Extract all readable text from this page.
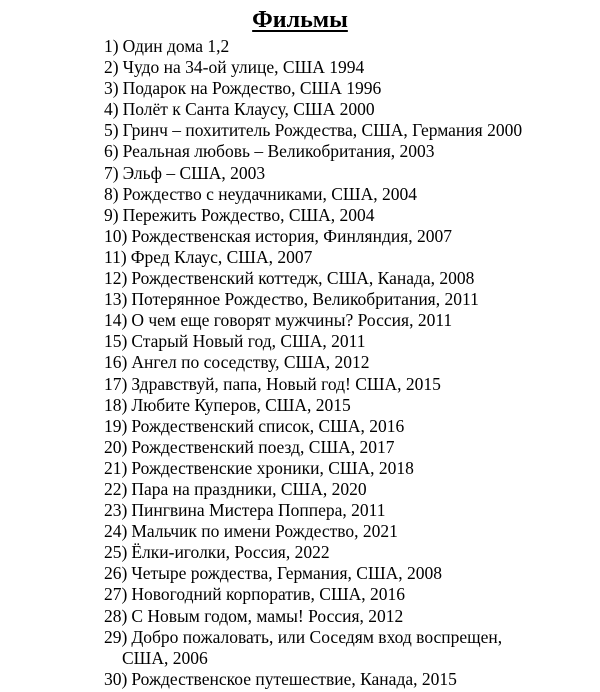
Фильмы
1) Один дома 1,2
2) Чудо на 34-ой улице, США 1994
3) Подарок на Рождество, США 1996
4) Полёт к Санта Клаусу, США 2000
5) Гринч – похититель Рождества, США, Германия 2000
6) Реальная любовь – Великобритания, 2003
7) Эльф – США, 2003
8) Рождество с неудачниками, США, 2004
9) Пережить Рождество, США, 2004
10) Рождественская история, Финляндия, 2007
11) Фред Клаус, США, 2007
12) Рождественский коттедж, США, Канада, 2008
13) Потерянное Рождество, Великобритания, 2011
14) О чем еще говорят мужчины? Россия, 2011
15) Старый Новый год, США, 2011
16) Ангел по соседству, США, 2012
17) Здравствуй, папа, Новый год! США, 2015
18) Любите Куперов, США, 2015
19) Рождественский список, США, 2016
20) Рождественский поезд, США, 2017
21) Рождественские хроники, США, 2018
22) Пара на праздники, США, 2020
23) Пингвина Мистера Поппера, 2011
24) Мальчик по имени Рождество, 2021
25) Ёлки-иголки, Россия, 2022
26) Четыре рождества, Германия, США, 2008
27) Новогодний корпоратив, США, 2016
28) С Новым годом, мамы! Россия, 2012
29) Добро пожаловать, или Соседям вход воспрещен,
США, 2006
30) Рождественское путешествие, Канада, 2015
